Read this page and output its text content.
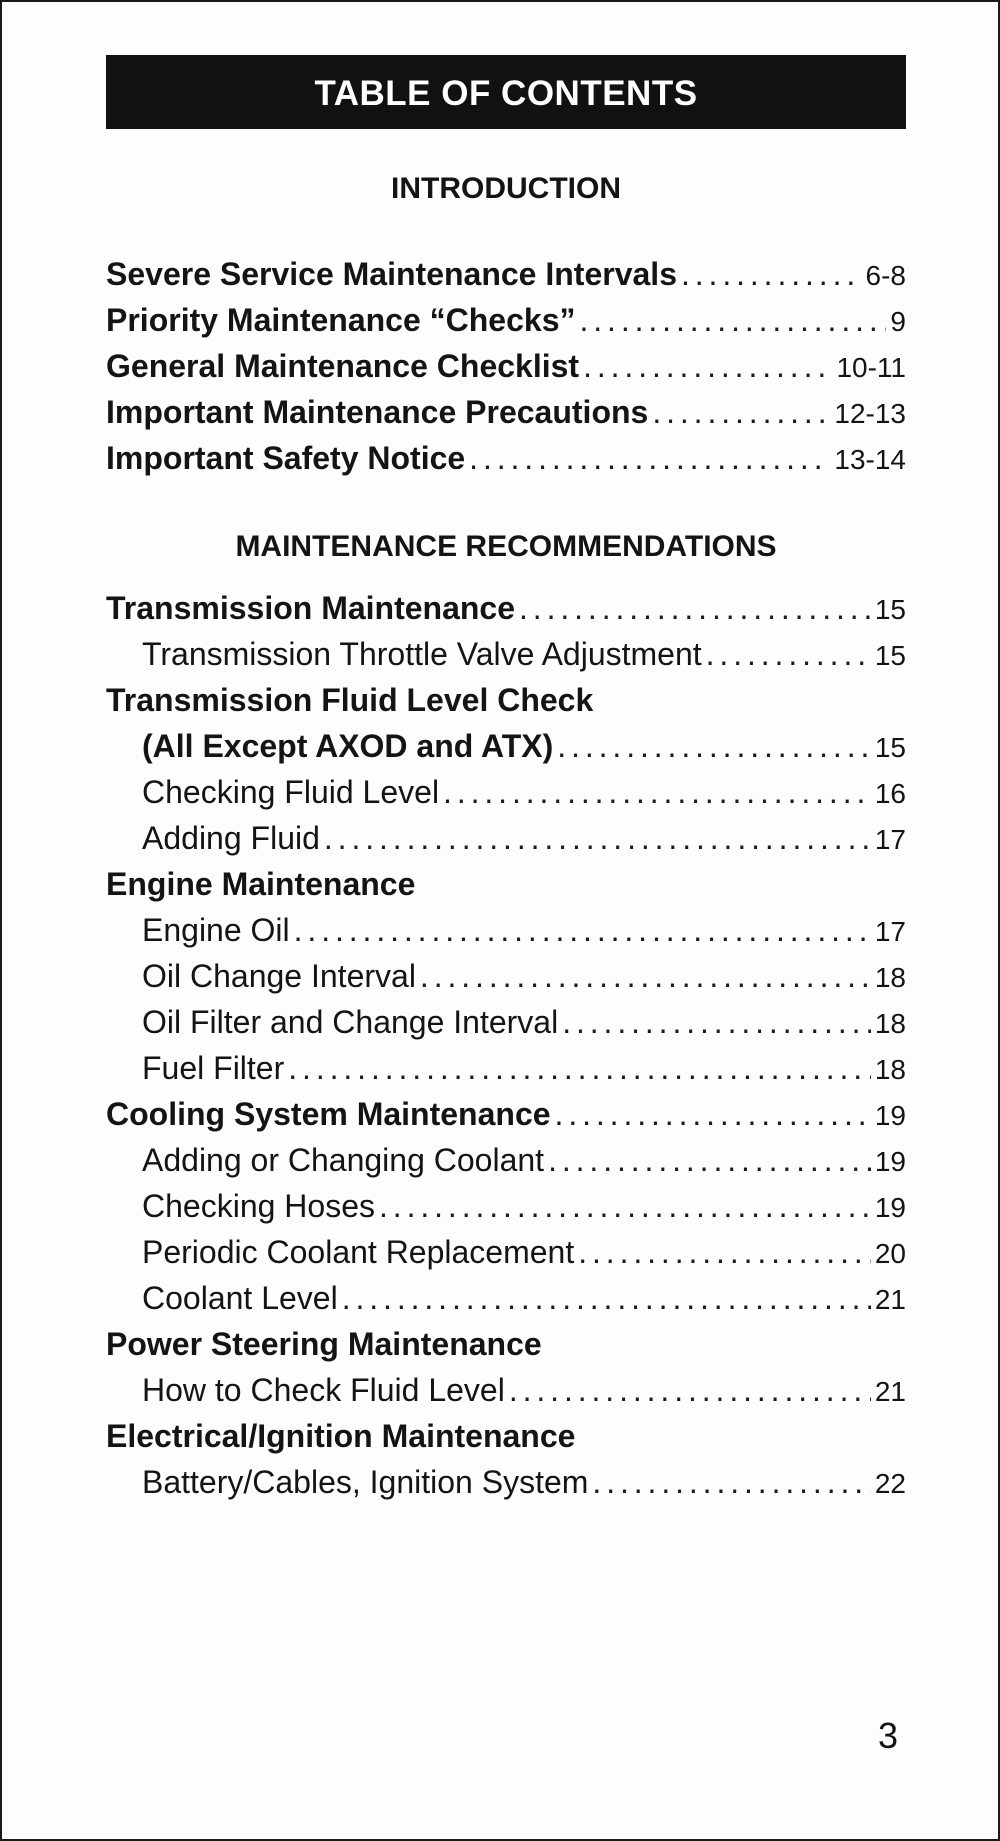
TABLE OF CONTENTS
INTRODUCTION
Severe Service Maintenance Intervals . . .	6-8
Priority Maintenance “Checks” . . .	9
General Maintenance Checklist . . .	10-11
Important Maintenance Precautions . . .	12-13
Important Safety Notice . . .	13-14
MAINTENANCE RECOMMENDATIONS
Transmission Maintenance . . .	15
Transmission Throttle Valve Adjustment . . .	15
Transmission Fluid Level Check
(All Except AXOD and ATX) . . .	15
Checking Fluid Level . . .	16
Adding Fluid . . .	17
Engine Maintenance
Engine Oil . . .	17
Oil Change Interval . . .	18
Oil Filter and Change Interval . . .	18
Fuel Filter . . .	18
Cooling System Maintenance . . .	19
Adding or Changing Coolant . . .	19
Checking Hoses . . .	19
Periodic Coolant Replacement . . .	20
Coolant Level . . .	21
Power Steering Maintenance
How to Check Fluid Level . . .	21
Electrical/Ignition Maintenance
Battery/Cables, Ignition System . . .	22
3
